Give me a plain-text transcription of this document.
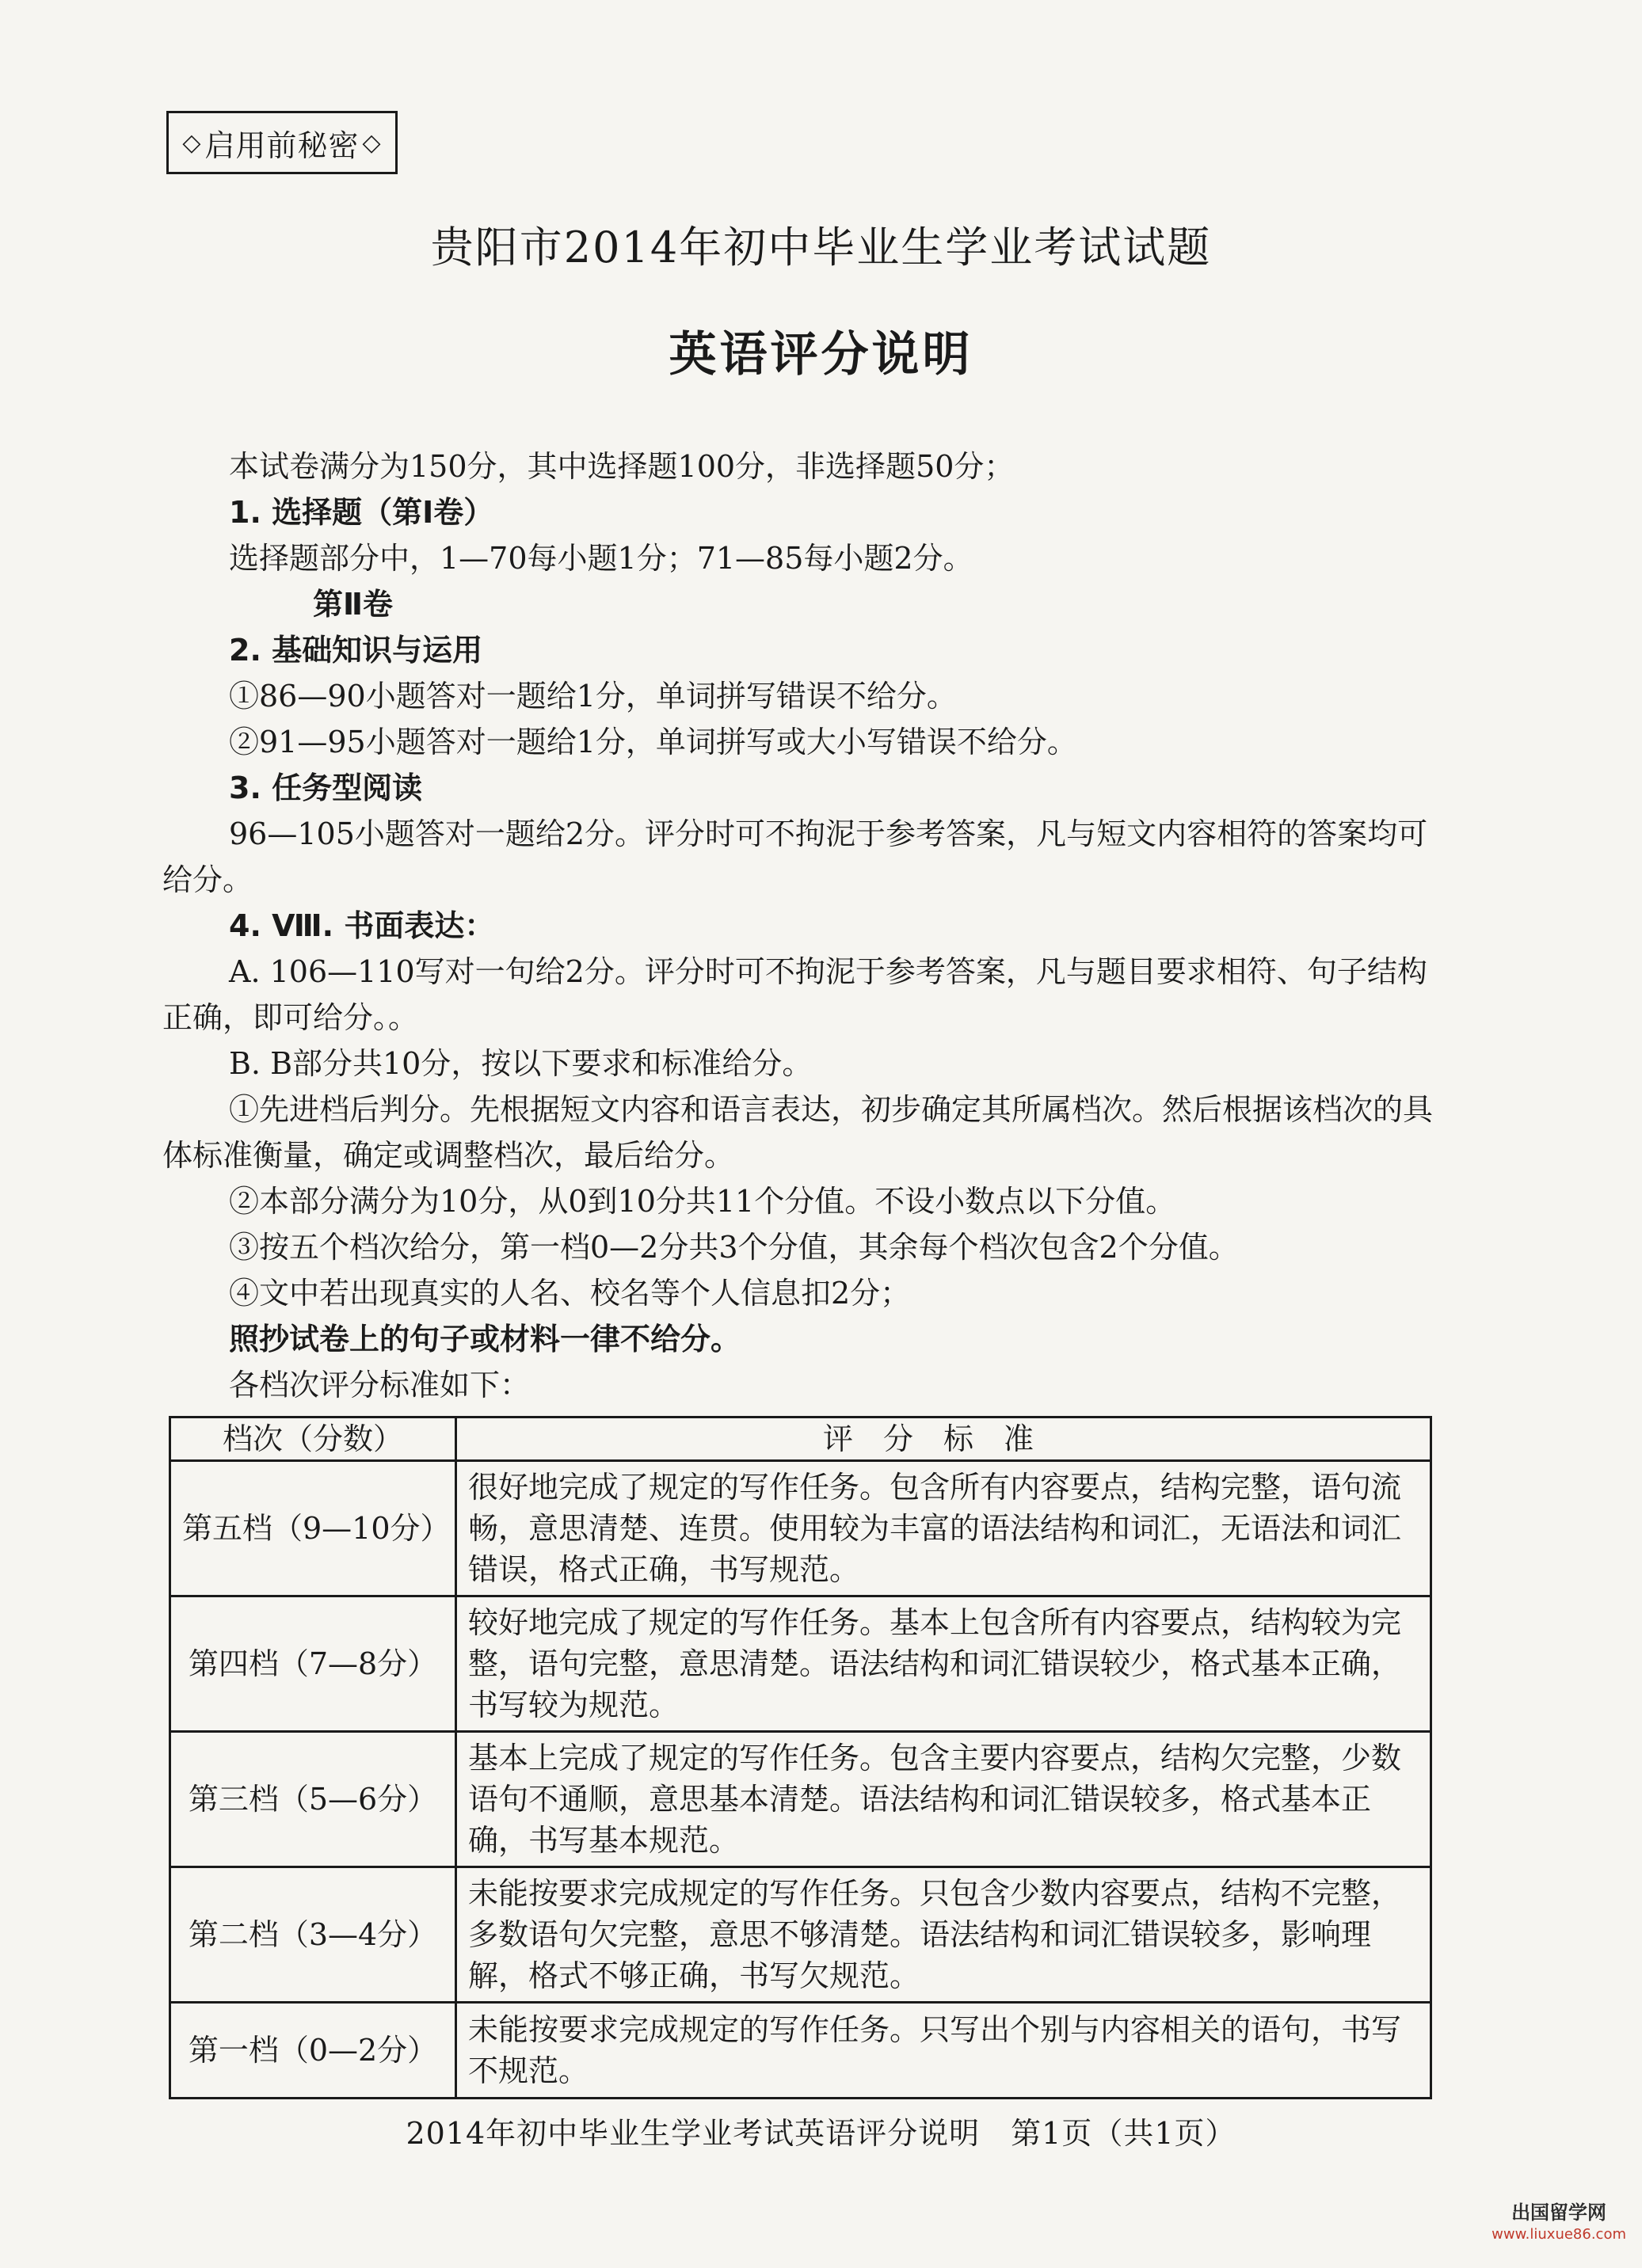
◇ 启用前秘密 ◇
贵阳市2014年初中毕业生学业考试试题
英语评分说明

本试卷满分为150分，其中选择题100分，非选择题50分；

1. 选择题（第Ⅰ卷）

选择题部分中，1—70每小题1分；71—85每小题2分。

第Ⅱ卷

2. 基础知识与运用

①86—90小题答对一题给1分，单词拼写错误不给分。

②91—95小题答对一题给1分，单词拼写或大小写错误不给分。

3. 任务型阅读

96—105小题答对一题给2分。评分时可不拘泥于参考答案，凡与短文内容相符的答案均可给分。

4. Ⅷ. 书面表达：

A. 106—110写对一句给2分。评分时可不拘泥于参考答案，凡与题目要求相符、句子结构正确，即可给分。。

B. B部分共10分，按以下要求和标准给分。

①先进档后判分。先根据短文内容和语言表达，初步确定其所属档次。然后根据该档次的具体标准衡量，确定或调整档次，最后给分。

②本部分满分为10分，从0到10分共11个分值。不设小数点以下分值。

③按五个档次给分，第一档0—2分共3个分值，其余每个档次包含2个分值。

④文中若出现真实的人名、校名等个人信息扣2分；

照抄试卷上的句子或材料一律不给分。

各档次评分标准如下：

档次（分数）	评分标准
第五档（9—10分）	很好地完成了规定的写作任务。包含所有内容要点，结构完整，语句流畅，意思清楚、连贯。使用较为丰富的语法结构和词汇，无语法和词汇错误，格式正确，书写规范。
第四档（7—8分）	较好地完成了规定的写作任务。基本上包含所有内容要点，结构较为完整，语句完整，意思清楚。语法结构和词汇错误较少，格式基本正确，书写较为规范。
第三档（5—6分）	基本上完成了规定的写作任务。包含主要内容要点，结构欠完整，少数语句不通顺，意思基本清楚。语法结构和词汇错误较多，格式基本正确，书写基本规范。
第二档（3—4分）	未能按要求完成规定的写作任务。只包含少数内容要点，结构不完整，多数语句欠完整，意思不够清楚。语法结构和词汇错误较多，影响理解，格式不够正确，书写欠规范。
第一档（0—2分）	未能按要求完成规定的写作任务。只写出个别与内容相关的语句，书写不规范。
2014年初中毕业生学业考试英语评分说明　第1页（共1页）
出国留学网
www.liuxue86.com
